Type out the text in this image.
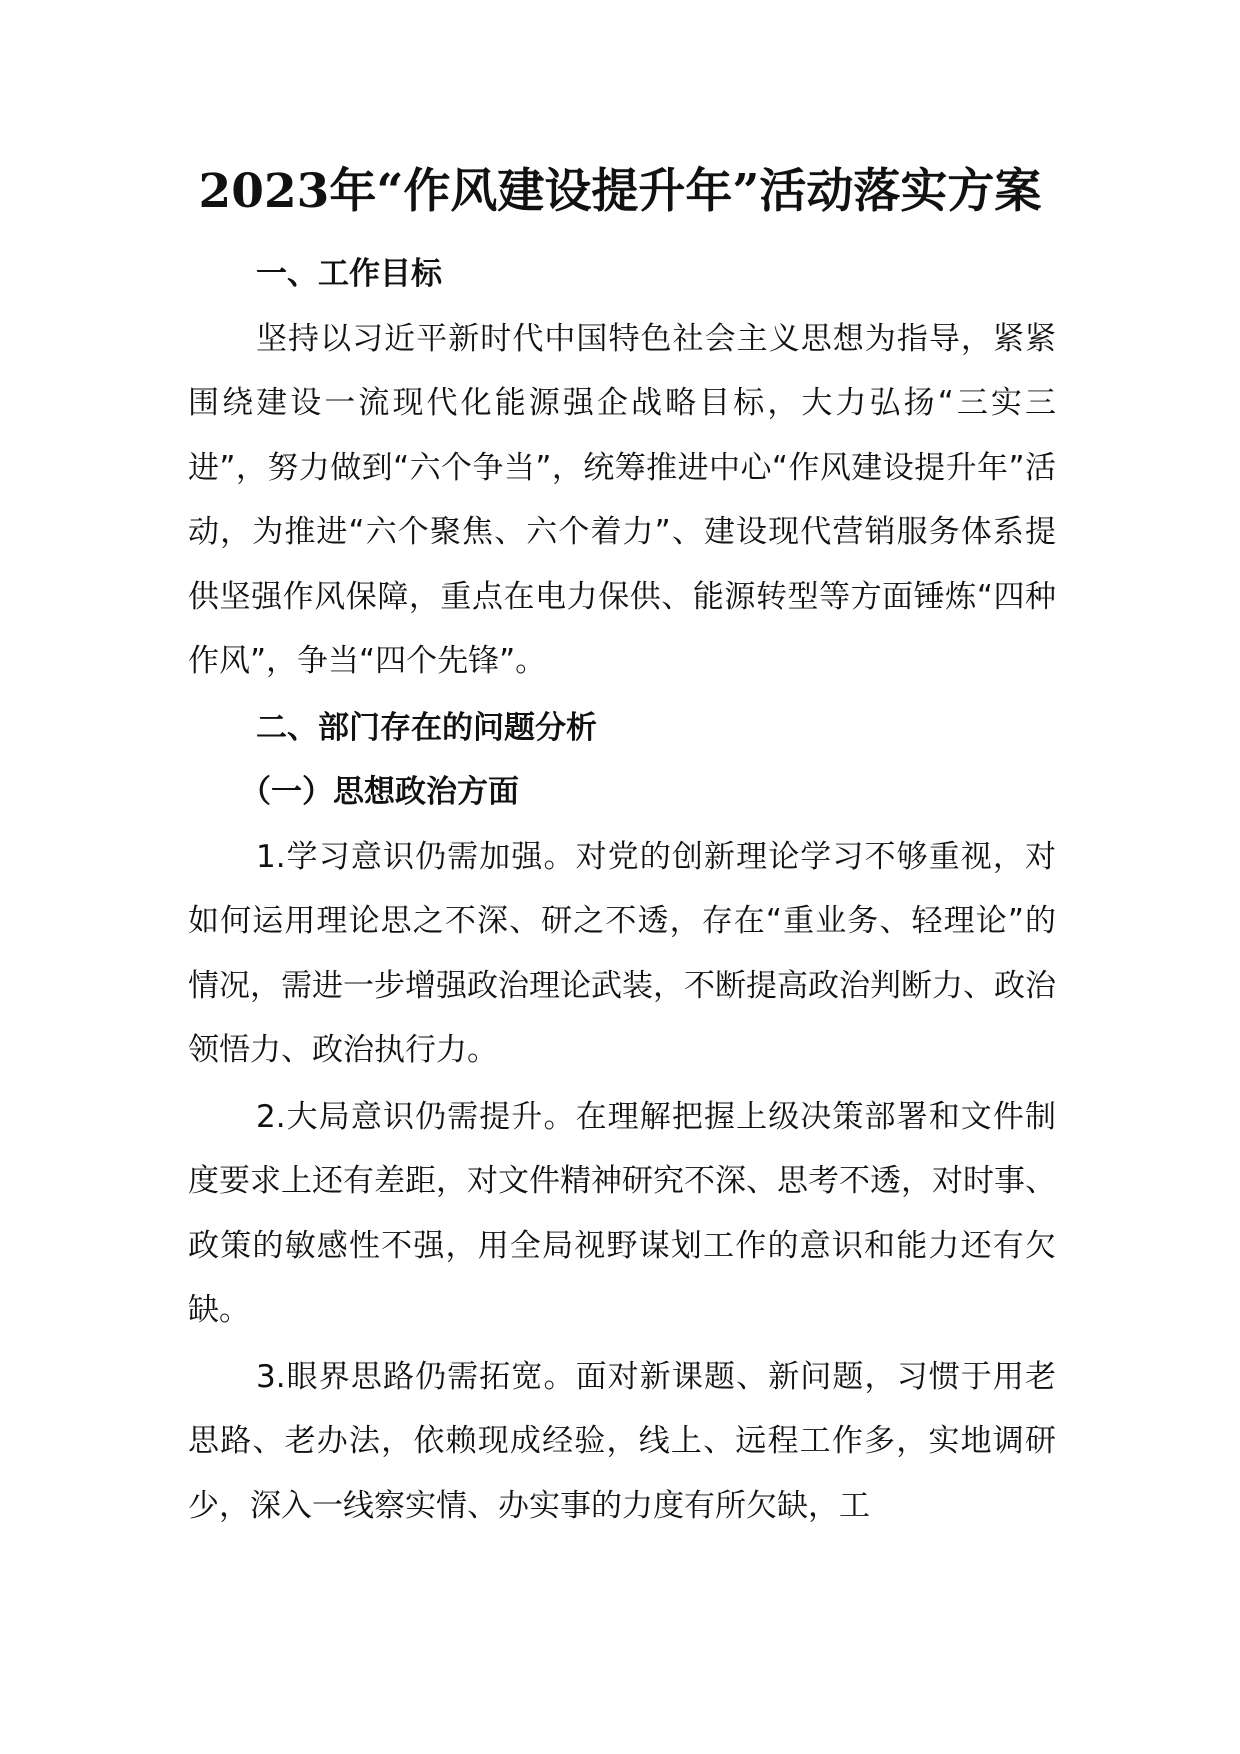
2023年“作风建设提升年”活动落实方案

一、工作目标

坚持以习近平新时代中国特色社会主义思想为指导，紧紧围绕建设一流现代化能源强企战略目标，大力弘扬“三实三进”，努力做到“六个争当”，统筹推进中心“作风建设提升年”活动，为推进“六个聚焦、六个着力”、建设现代营销服务体系提供坚强作风保障，重点在电力保供、能源转型等方面锤炼“四种作风”，争当“四个先锋”。

二、部门存在的问题分析

（一）思想政治方面

1.学习意识仍需加强。对党的创新理论学习不够重视，对如何运用理论思之不深、研之不透，存在“重业务、轻理论”的情况，需进一步增强政治理论武装，不断提高政治判断力、政治领悟力、政治执行力。

2.大局意识仍需提升。在理解把握上级决策部署和文件制度要求上还有差距，对文件精神研究不深、思考不透，对时事、政策的敏感性不强，用全局视野谋划工作的意识和能力还有欠缺。

3.眼界思路仍需拓宽。面对新课题、新问题，习惯于用老思路、老办法，依赖现成经验，线上、远程工作多，实地调研少，深入一线察实情、办实事的力度有所欠缺，工
